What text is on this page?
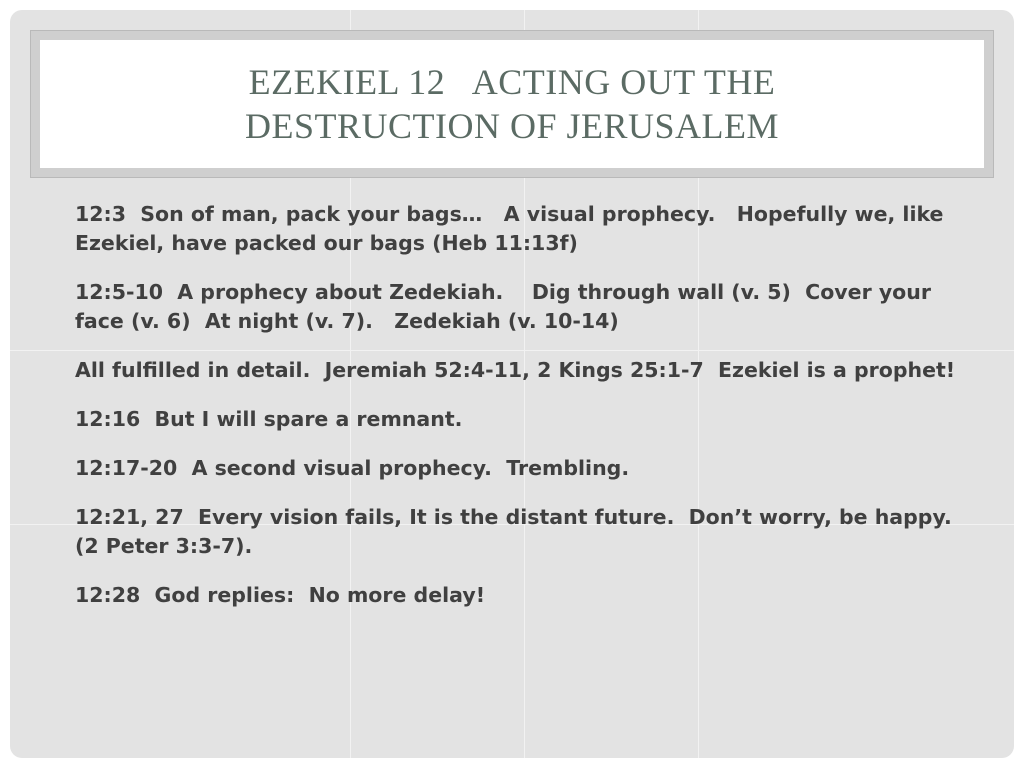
EZEKIEL 12   ACTING OUT THE
DESTRUCTION OF JERUSALEM

12:3  Son of man, pack your bags…   A visual prophecy.   Hopefully we, like Ezekiel, have packed our bags (Heb 11:13f)

12:5-10  A prophecy about Zedekiah.    Dig through wall (v. 5)  Cover your face (v. 6)  At night (v. 7).   Zedekiah (v. 10-14)

All fulfilled in detail.  Jeremiah 52:4-11, 2 Kings 25:1-7  Ezekiel is a prophet!

12:16  But I will spare a remnant.

12:17-20  A second visual prophecy.  Trembling.

12:21, 27  Every vision fails, It is the distant future.  Don’t worry, be happy.  (2 Peter 3:3-7).

12:28  God replies:  No more delay!
